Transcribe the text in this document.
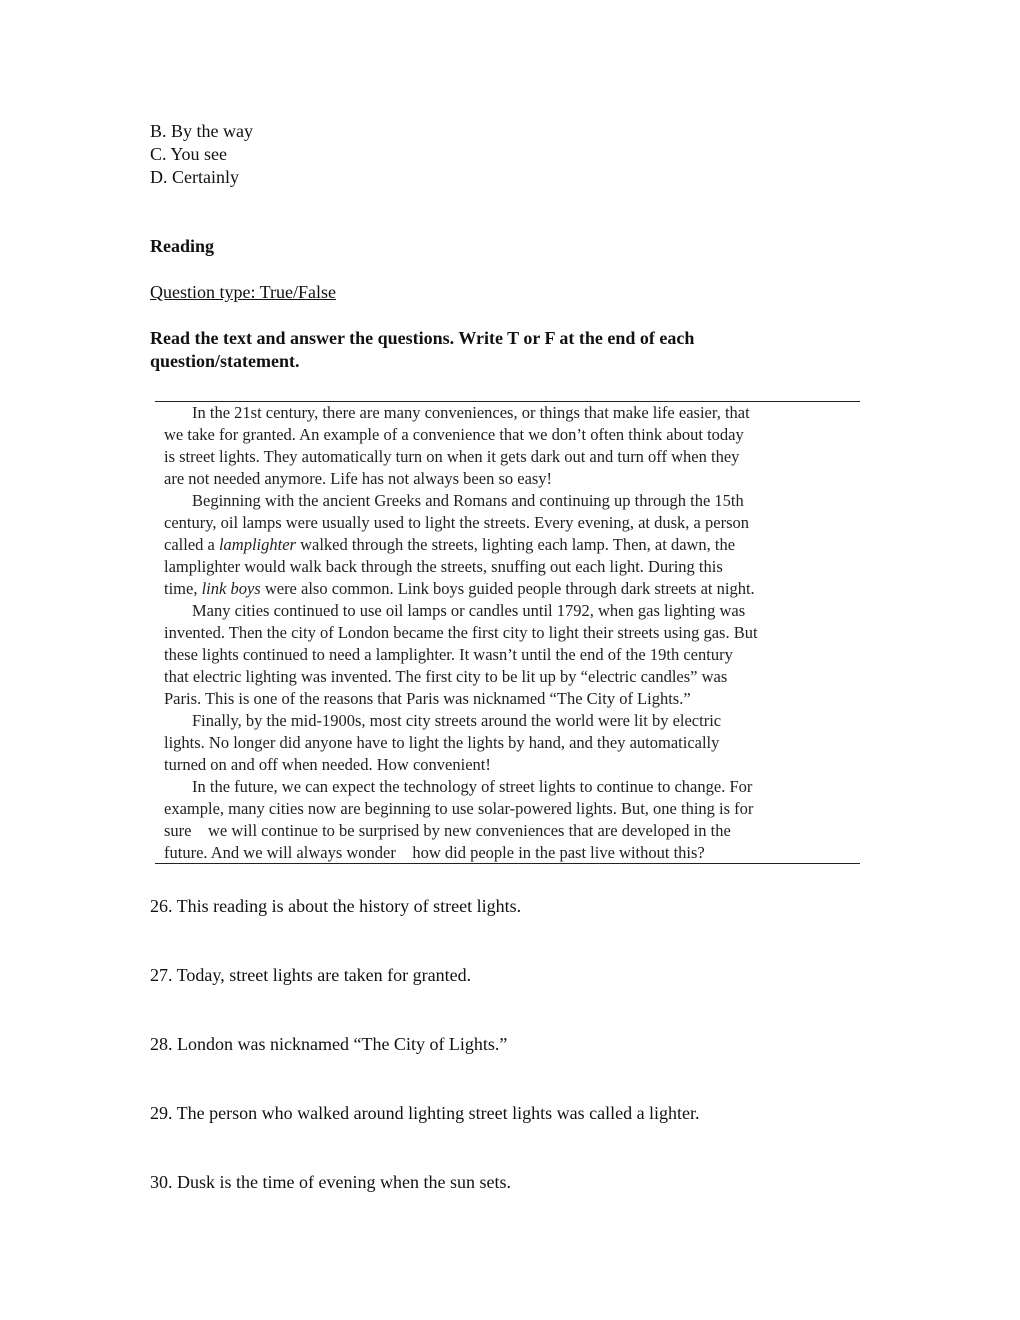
B. By the way
C. You see
D. Certainly
Reading
Question type: True/False
Read the text and answer the questions. Write T or F at the end of each
question/statement.
In the 21st century, there are many conveniences, or things that make life easier, that
we take for granted. An example of a convenience that we don’t often think about today
is street lights. They automatically turn on when it gets dark out and turn off when they
are not needed anymore. Life has not always been so easy!
Beginning with the ancient Greeks and Romans and continuing up through the 15th
century, oil lamps were usually used to light the streets. Every evening, at dusk, a person
called a lamplighter walked through the streets, lighting each lamp. Then, at dawn, the
lamplighter would walk back through the streets, snuffing out each light. During this
time, link boys were also common. Link boys guided people through dark streets at night.
Many cities continued to use oil lamps or candles until 1792, when gas lighting was
invented. Then the city of London became the first city to light their streets using gas. But
these lights continued to need a lamplighter. It wasn’t until the end of the 19th century
that electric lighting was invented. The first city to be lit up by “electric candles” was
Paris. This is one of the reasons that Paris was nicknamed “The City of Lights.”
Finally, by the mid-1900s, most city streets around the world were lit by electric
lights. No longer did anyone have to light the lights by hand, and they automatically
turned on and off when needed. How convenient!
In the future, we can expect the technology of street lights to continue to change. For
example, many cities now are beginning to use solar-powered lights. But, one thing is for
sure    we will continue to be surprised by new conveniences that are developed in the
future. And we will always wonder    how did people in the past live without this?
26. This reading is about the history of street lights.
27. Today, street lights are taken for granted.
28. London was nicknamed “The City of Lights.”
29. The person who walked around lighting street lights was called a lighter.
30. Dusk is the time of evening when the sun sets.
